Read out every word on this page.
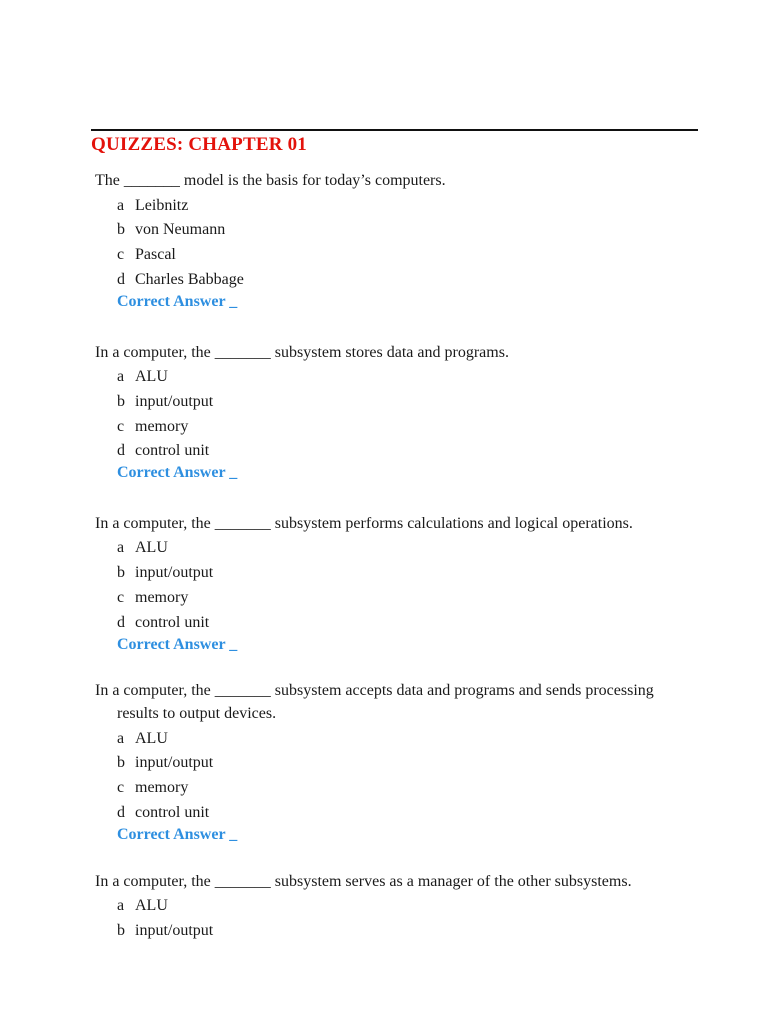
QUIZZES: CHAPTER 01
The _______ model is the basis for today’s computers.
a Leibnitz
b von Neumann
c Pascal
d Charles Babbage
Correct Answer _
In a computer, the _______ subsystem stores data and programs.
a ALU
b input/output
c memory
d control unit
Correct Answer _
In a computer, the _______ subsystem performs calculations and logical operations.
a ALU
b input/output
c memory
d control unit
Correct Answer _
In a computer, the _______ subsystem accepts data and programs and sends processing
results to output devices.
a ALU
b input/output
c memory
d control unit
Correct Answer _
In a computer, the _______ subsystem serves as a manager of the other subsystems.
a ALU
b input/output
